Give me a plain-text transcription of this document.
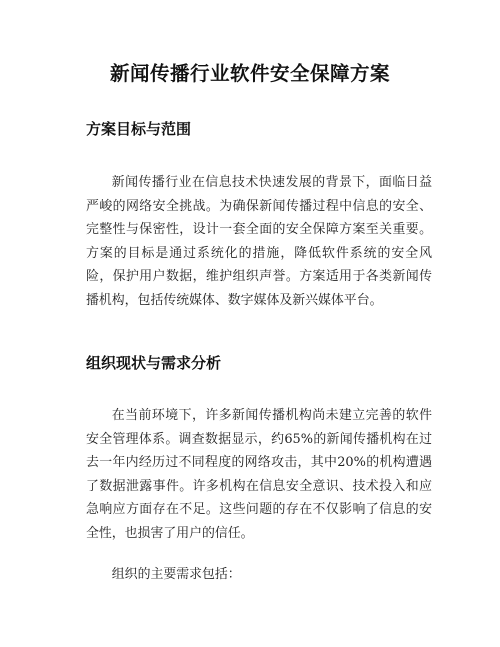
新闻传播行业软件安全保障方案
方案目标与范围

新闻传播行业在信息技术快速发展的背景下，面临日益严峻的网络安全挑战。为确保新闻传播过程中信息的安全、完整性与保密性，设计一套全面的安全保障方案至关重要。方案的目标是通过系统化的措施，降低软件系统的安全风险，保护用户数据，维护组织声誉。方案适用于各类新闻传播机构，包括传统媒体、数字媒体及新兴媒体平台。

组织现状与需求分析

在当前环境下，许多新闻传播机构尚未建立完善的软件安全管理体系。调查数据显示，约65%的新闻传播机构在过去一年内经历过不同程度的网络攻击，其中20%的机构遭遇了数据泄露事件。许多机构在信息安全意识、技术投入和应急响应方面存在不足。这些问题的存在不仅影响了信息的安全性，也损害了用户的信任。

组织的主要需求包括：
